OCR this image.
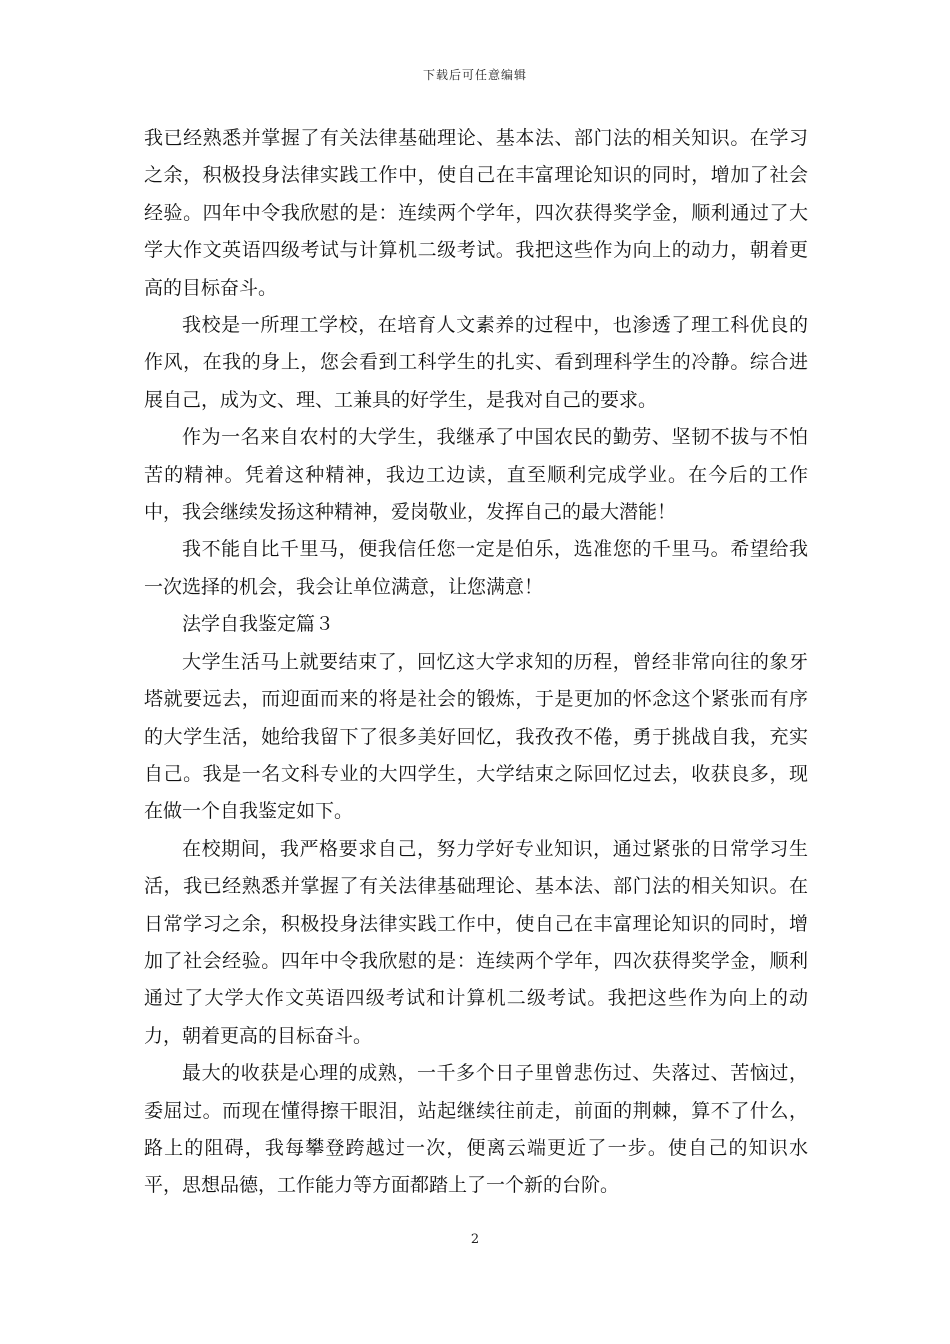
下载后可任意编辑

我已经熟悉并掌握了有关法律基础理论、基本法、部门法的相关知识。在学习之余，积极投身法律实践工作中，使自己在丰富理论知识的同时，增加了社会经验。四年中令我欣慰的是：连续两个学年，四次获得奖学金，顺利通过了大学大作文英语四级考试与计算机二级考试。我把这些作为向上的动力，朝着更高的目标奋斗。

我校是一所理工学校，在培育人文素养的过程中，也渗透了理工科优良的作风，在我的身上，您会看到工科学生的扎实、看到理科学生的冷静。综合进展自己，成为文、理、工兼具的好学生，是我对自己的要求。

作为一名来自农村的大学生，我继承了中国农民的勤劳、坚韧不拔与不怕苦的精神。凭着这种精神，我边工边读，直至顺利完成学业。在今后的工作中，我会继续发扬这种精神，爱岗敬业，发挥自己的最大潜能！

我不能自比千里马，便我信任您一定是伯乐，选准您的千里马。希望给我一次选择的机会，我会让单位满意，让您满意！

法学自我鉴定篇３

大学生活马上就要结束了，回忆这大学求知的历程，曾经非常向往的象牙塔就要远去，而迎面而来的将是社会的锻炼，于是更加的怀念这个紧张而有序的大学生活，她给我留下了很多美好回忆，我孜孜不倦，勇于挑战自我，充实自己。我是一名文科专业的大四学生，大学结束之际回忆过去，收获良多，现在做一个自我鉴定如下。

在校期间，我严格要求自己，努力学好专业知识，通过紧张的日常学习生活，我已经熟悉并掌握了有关法律基础理论、基本法、部门法的相关知识。在日常学习之余，积极投身法律实践工作中，使自己在丰富理论知识的同时，增加了社会经验。四年中令我欣慰的是：连续两个学年，四次获得奖学金，顺利通过了大学大作文英语四级考试和计算机二级考试。我把这些作为向上的动力，朝着更高的目标奋斗。

最大的收获是心理的成熟，一千多个日子里曾悲伤过、失落过、苦恼过，委屈过。而现在懂得擦干眼泪，站起继续往前走，前面的荆棘，算不了什么，路上的阻碍，我每攀登跨越过一次，便离云端更近了一步。使自己的知识水平，思想品德，工作能力等方面都踏上了一个新的台阶。

2
